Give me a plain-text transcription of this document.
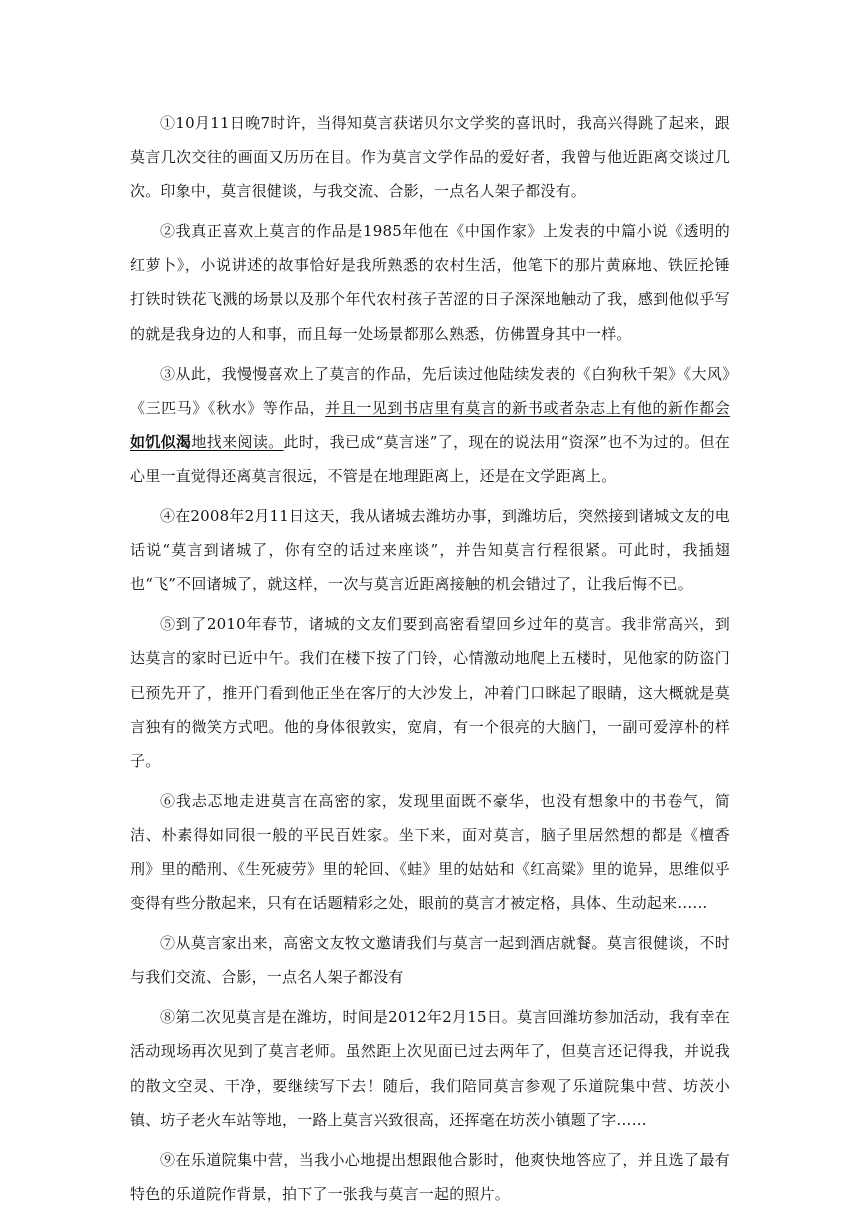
①10月11日晚7时许，当得知莫言获诺贝尔文学奖的喜讯时，我高兴得跳了起来，跟莫言几次交往的画面又历历在目。作为莫言文学作品的爱好者，我曾与他近距离交谈过几次。印象中，莫言很健谈，与我交流、合影，一点名人架子都没有。

②我真正喜欢上莫言的作品是1985年他在《中国作家》上发表的中篇小说《透明的红萝卜》，小说讲述的故事恰好是我所熟悉的农村生活，他笔下的那片黄麻地、铁匠抡锤打铁时铁花飞溅的场景以及那个年代农村孩子苦涩的日子深深地触动了我，感到他似乎写的就是我身边的人和事，而且每一处场景都那么熟悉，仿佛置身其中一样。

③从此，我慢慢喜欢上了莫言的作品，先后读过他陆续发表的《白狗秋千架》《大风》《三匹马》《秋水》等作品，并且一见到书店里有莫言的新书或者杂志上有他的新作都会如饥似渴地找来阅读。此时，我已成“莫言迷”了，现在的说法用“资深”也不为过的。但在心里一直觉得还离莫言很远，不管是在地理距离上，还是在文学距离上。

④在2008年2月11日这天，我从诸城去潍坊办事，到潍坊后，突然接到诸城文友的电话说“莫言到诸城了，你有空的话过来座谈”，并告知莫言行程很紧。可此时，我插翅也“飞”不回诸城了，就这样，一次与莫言近距离接触的机会错过了，让我后悔不已。

⑤到了2010年春节，诸城的文友们要到高密看望回乡过年的莫言。我非常高兴，到达莫言的家时已近中午。我们在楼下按了门铃，心情激动地爬上五楼时，见他家的防盗门已预先开了，推开门看到他正坐在客厅的大沙发上，冲着门口眯起了眼睛，这大概就是莫言独有的微笑方式吧。他的身体很敦实，宽肩，有一个很亮的大脑门，一副可爱淳朴的样子。

⑥我忐忑地走进莫言在高密的家，发现里面既不豪华，也没有想象中的书卷气，简洁、朴素得如同很一般的平民百姓家。坐下来，面对莫言，脑子里居然想的都是《檀香刑》里的酷刑、《生死疲劳》里的轮回、《蛙》里的姑姑和《红高粱》里的诡异，思维似乎变得有些分散起来，只有在话题精彩之处，眼前的莫言才被定格，具体、生动起来……

⑦从莫言家出来，高密文友牧文邀请我们与莫言一起到酒店就餐。莫言很健谈，不时与我们交流、合影，一点名人架子都没有

⑧第二次见莫言是在潍坊，时间是2012年2月15日。莫言回潍坊参加活动，我有幸在活动现场再次见到了莫言老师。虽然距上次见面已过去两年了，但莫言还记得我，并说我的散文空灵、干净，要继续写下去！随后，我们陪同莫言参观了乐道院集中营、坊茨小镇、坊子老火车站等地，一路上莫言兴致很高，还挥毫在坊茨小镇题了字……

⑨在乐道院集中营，当我小心地提出想跟他合影时，他爽快地答应了，并且选了最有特色的乐道院作背景，拍下了一张我与莫言一起的照片。
